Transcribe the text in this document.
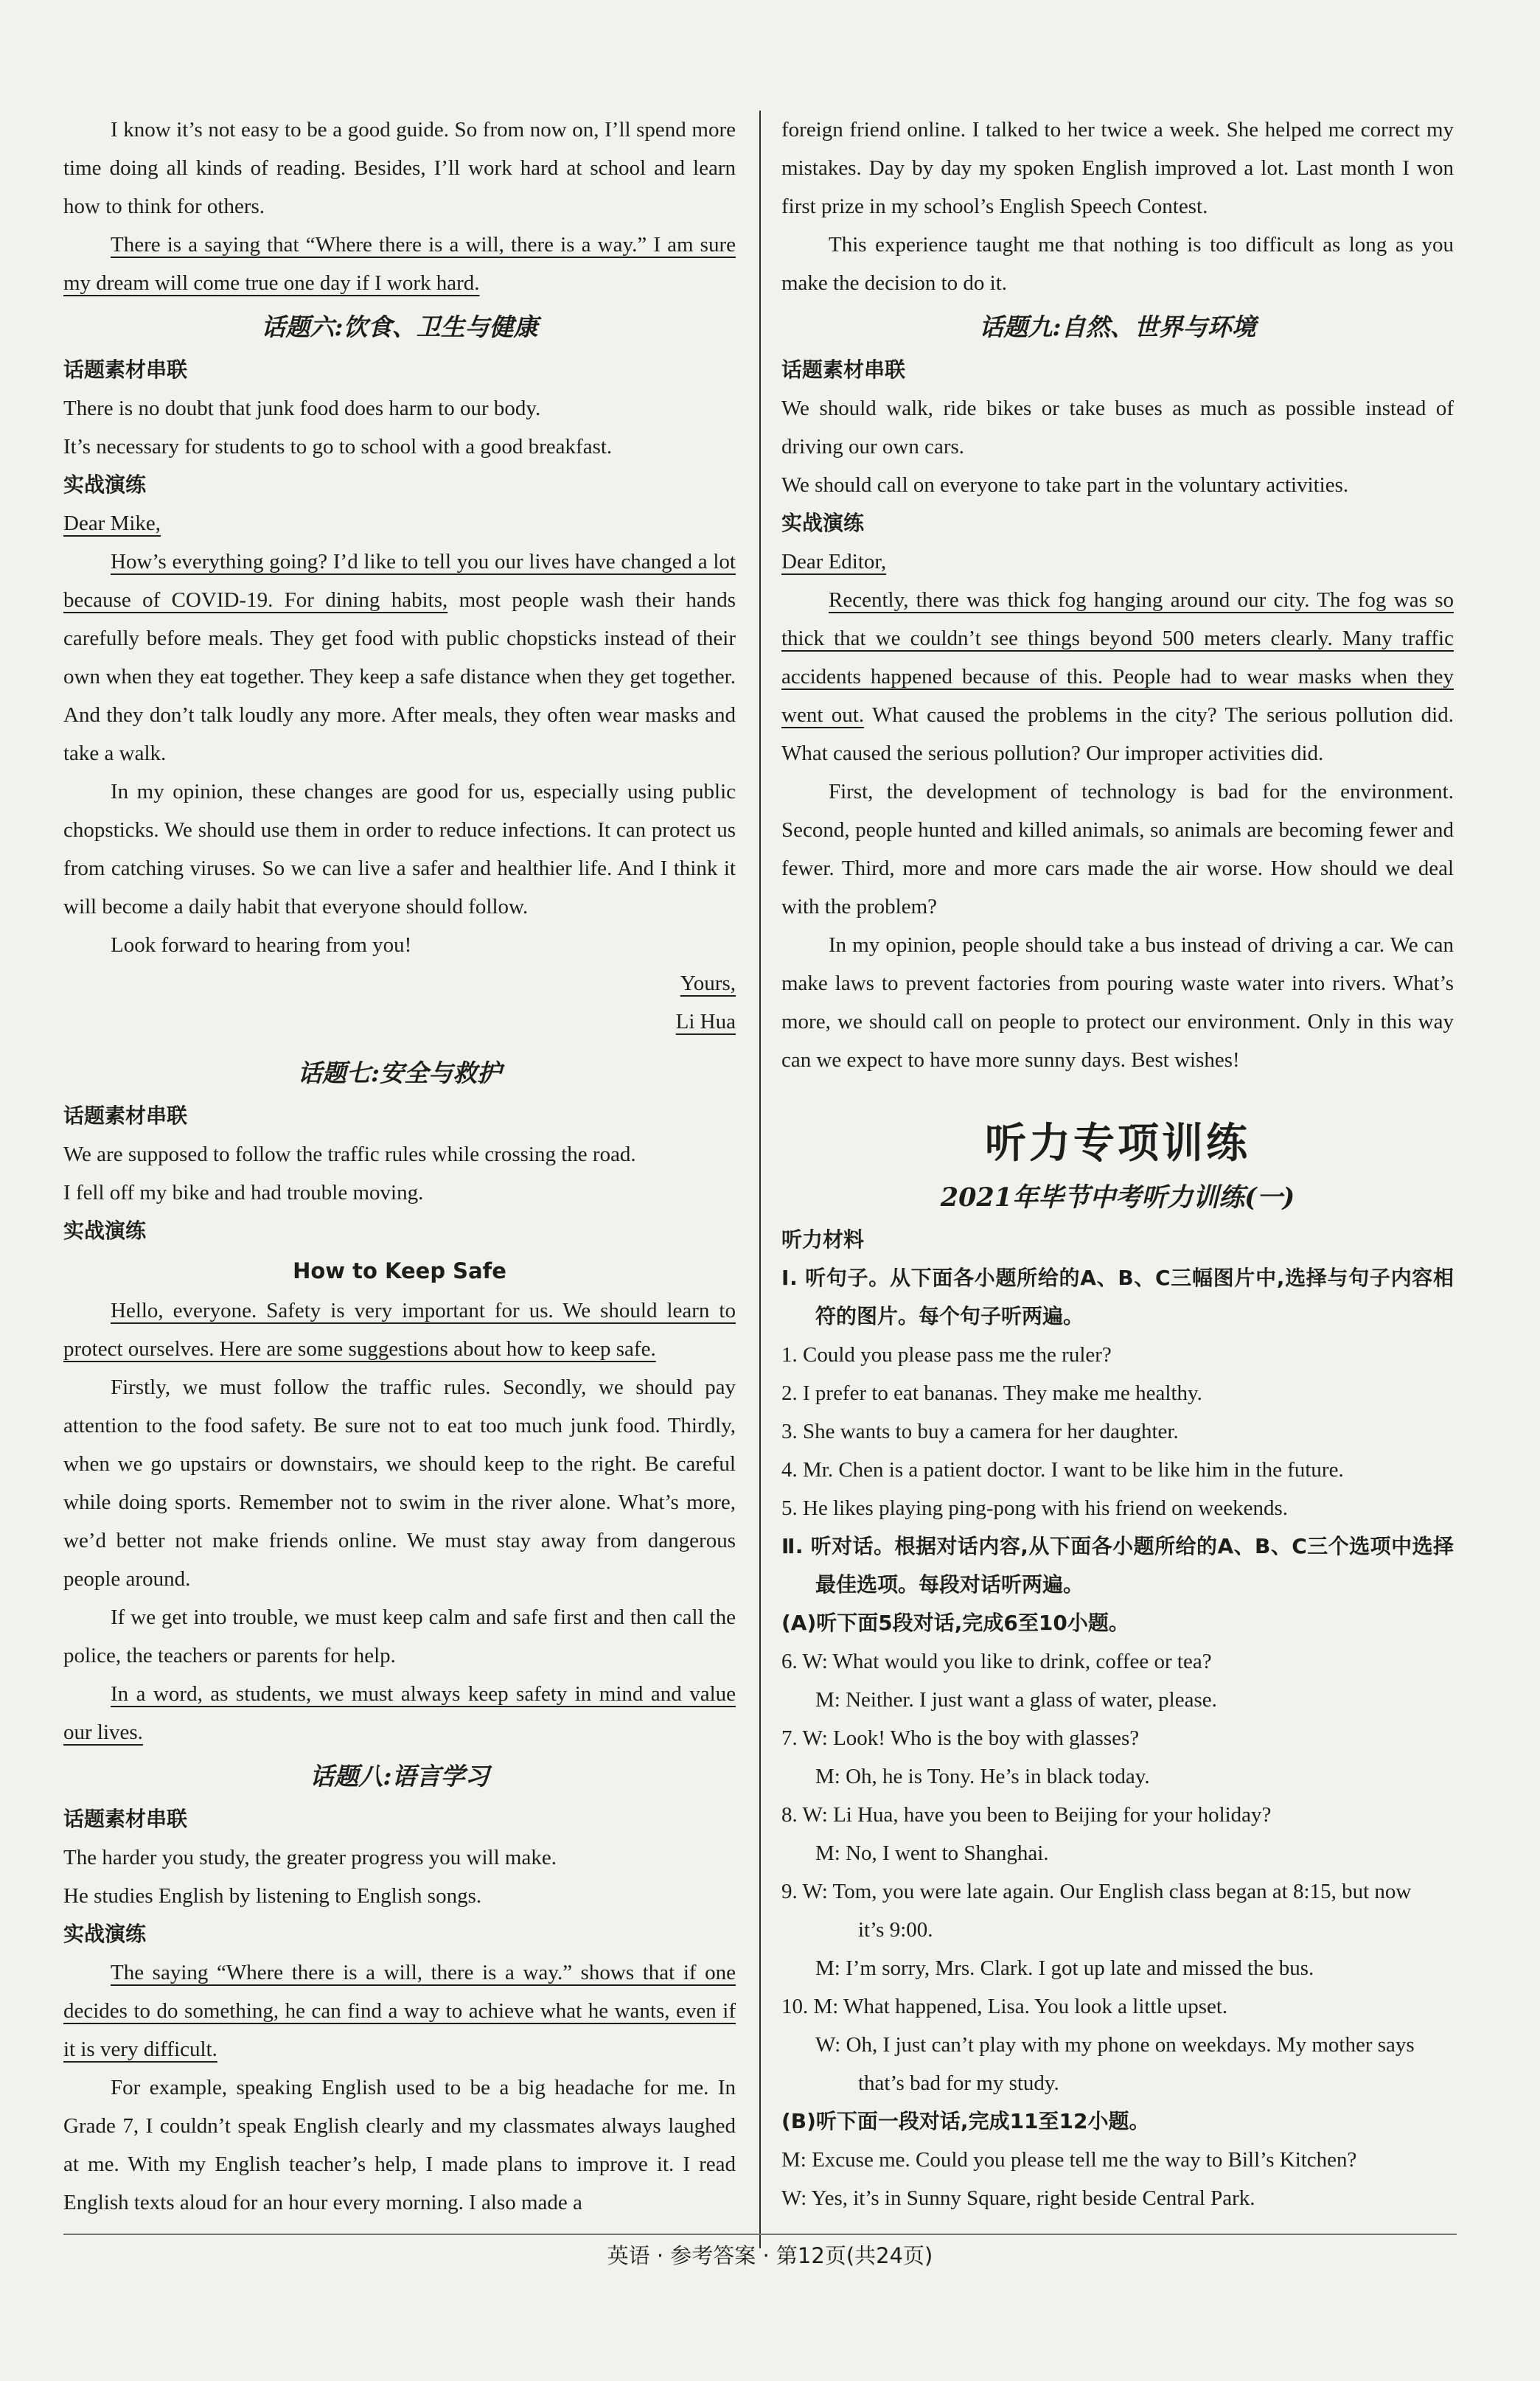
I know it’s not easy to be a good guide. So from now on, I’ll spend more time doing all kinds of reading. Besides, I’ll work hard at school and learn how to think for others.

There is a saying that “Where there is a will, there is a way.” I am sure my dream will come true one day if I work hard.

话题六:饮食、卫生与健康
话题素材串联

There is no doubt that junk food does harm to our body.

It’s necessary for students to go to school with a good breakfast.

实战演练

Dear Mike,

How’s everything going? I’d like to tell you our lives have changed a lot because of COVID-19. For dining habits, most people wash their hands carefully before meals. They get food with public chopsticks instead of their own when they eat together. They keep a safe distance when they get together. And they don’t talk loudly any more. After meals, they often wear masks and take a walk.

In my opinion, these changes are good for us, especially using public chopsticks. We should use them in order to reduce infections. It can protect us from catching viruses. So we can live a safer and healthier life. And I think it will become a daily habit that everyone should follow.

Look forward to hearing from you!

Yours,

Li Hua

话题七:安全与救护
话题素材串联

We are supposed to follow the traffic rules while crossing the road.

I fell off my bike and had trouble moving.

实战演练
How to Keep Safe

Hello, everyone. Safety is very important for us. We should learn to protect ourselves. Here are some suggestions about how to keep safe.

Firstly, we must follow the traffic rules. Secondly, we should pay attention to the food safety. Be sure not to eat too much junk food. Thirdly, when we go upstairs or downstairs, we should keep to the right. Be careful while doing sports. Remember not to swim in the river alone. What’s more, we’d better not make friends online. We must stay away from dangerous people around.

If we get into trouble, we must keep calm and safe first and then call the police, the teachers or parents for help.

In a word, as students, we must always keep safety in mind and value our lives.

话题八:语言学习
话题素材串联

The harder you study, the greater progress you will make.

He studies English by listening to English songs.

实战演练

The saying “Where there is a will, there is a way.” shows that if one decides to do something, he can find a way to achieve what he wants, even if it is very difficult.

For example, speaking English used to be a big headache for me. In Grade 7, I couldn’t speak English clearly and my classmates always laughed at me. With my English teacher’s help, I made plans to improve it. I read English texts aloud for an hour every morning. I also made a

foreign friend online. I talked to her twice a week. She helped me correct my mistakes. Day by day my spoken English improved a lot. Last month I won first prize in my school’s English Speech Contest.

This experience taught me that nothing is too difficult as long as you make the decision to do it.

话题九:自然、世界与环境
话题素材串联

We should walk, ride bikes or take buses as much as possible instead of driving our own cars.

We should call on everyone to take part in the voluntary activities.

实战演练

Dear Editor,

Recently, there was thick fog hanging around our city. The fog was so thick that we couldn’t see things beyond 500 meters clearly. Many traffic accidents happened because of this. People had to wear masks when they went out. What caused the problems in the city? The serious pollution did. What caused the serious pollution? Our improper activities did.

First, the development of technology is bad for the environment. Second, people hunted and killed animals, so animals are becoming fewer and fewer. Third, more and more cars made the air worse. How should we deal with the problem?

In my opinion, people should take a bus instead of driving a car. We can make laws to prevent factories from pouring waste water into rivers. What’s more, we should call on people to protect our environment. Only in this way can we expect to have more sunny days. Best wishes!

听力专项训练
2021年毕节中考听力训练(一)
听力材料

Ⅰ. 听句子。从下面各小题所给的A、B、C三幅图片中,选择与句子内容相符的图片。每个句子听两遍。

1. Could you please pass me the ruler?

2. I prefer to eat bananas. They make me healthy.

3. She wants to buy a camera for her daughter.

4. Mr. Chen is a patient doctor. I want to be like him in the future.

5. He likes playing ping-pong with his friend on weekends.

Ⅱ. 听对话。根据对话内容,从下面各小题所给的A、B、C三个选项中选择最佳选项。每段对话听两遍。

(A)听下面5段对话,完成6至10小题。

6. W: What would you like to drink, coffee or tea?

M: Neither. I just want a glass of water, please.

7. W: Look! Who is the boy with glasses?

M: Oh, he is Tony. He’s in black today.

8. W: Li Hua, have you been to Beijing for your holiday?

M: No, I went to Shanghai.

9. W: Tom, you were late again. Our English class began at 8:15, but now

it’s 9:00.

M: I’m sorry, Mrs. Clark. I got up late and missed the bus.

10. M: What happened, Lisa. You look a little upset.

W: Oh, I just can’t play with my phone on weekdays. My mother says

that’s bad for my study.

(B)听下面一段对话,完成11至12小题。

M: Excuse me. Could you please tell me the way to Bill’s Kitchen?

W: Yes, it’s in Sunny Square, right beside Central Park.

英语 · 参考答案 · 第12页(共24页)
